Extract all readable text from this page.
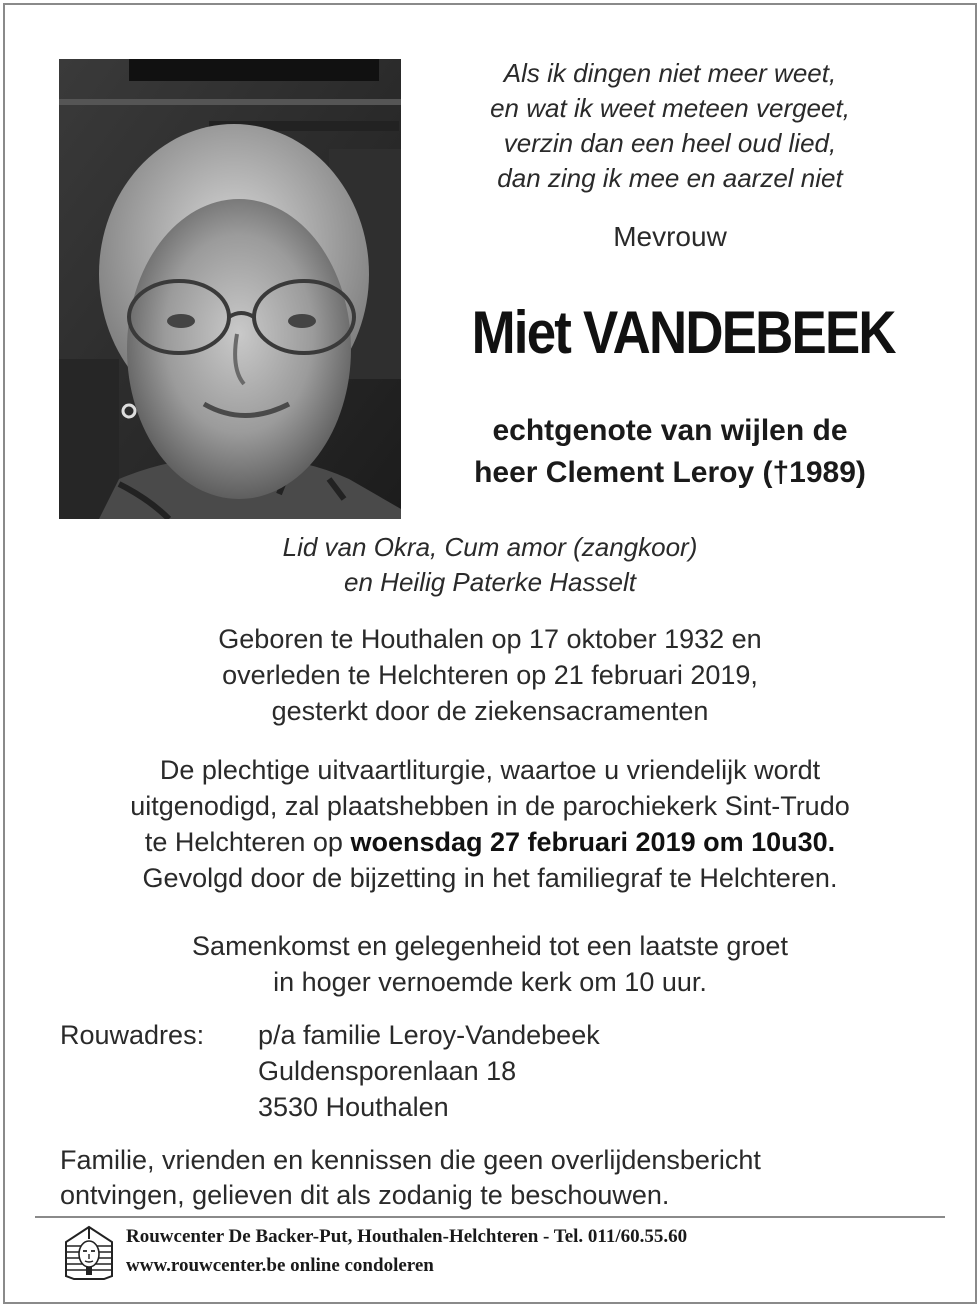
Als ik dingen niet meer weet,
en wat ik weet meteen vergeet,
verzin dan een heel oud lied,
dan zing ik mee en aarzel niet
Mevrouw
Miet VANDEBEEK
echtgenote van wijlen de
heer Clement Leroy (†1989)
Lid van Okra, Cum amor (zangkoor)
en Heilig Paterke Hasselt
Geboren te Houthalen op 17 oktober 1932 en
overleden te Helchteren op 21 februari 2019,
gesterkt door de ziekensacramenten
De plechtige uitvaartliturgie, waartoe u vriendelijk wordt
uitgenodigd, zal plaatshebben in de parochiekerk Sint-Trudo
te Helchteren op woensdag 27 februari 2019 om 10u30.
Gevolgd door de bijzetting in het familiegraf te Helchteren.
Samenkomst en gelegenheid tot een laatste groet
in hoger vernoemde kerk om 10 uur.
Rouwadres: p/a familie Leroy-Vandebeek
Guldensporenlaan 18
3530 Houthalen
Familie, vrienden en kennissen die geen overlijdensbericht
ontvingen, gelieven dit als zodanig te beschouwen.
Rouwcenter De Backer-Put, Houthalen-Helchteren - Tel. 011/60.55.60
www.rouwcenter.be online condoleren
